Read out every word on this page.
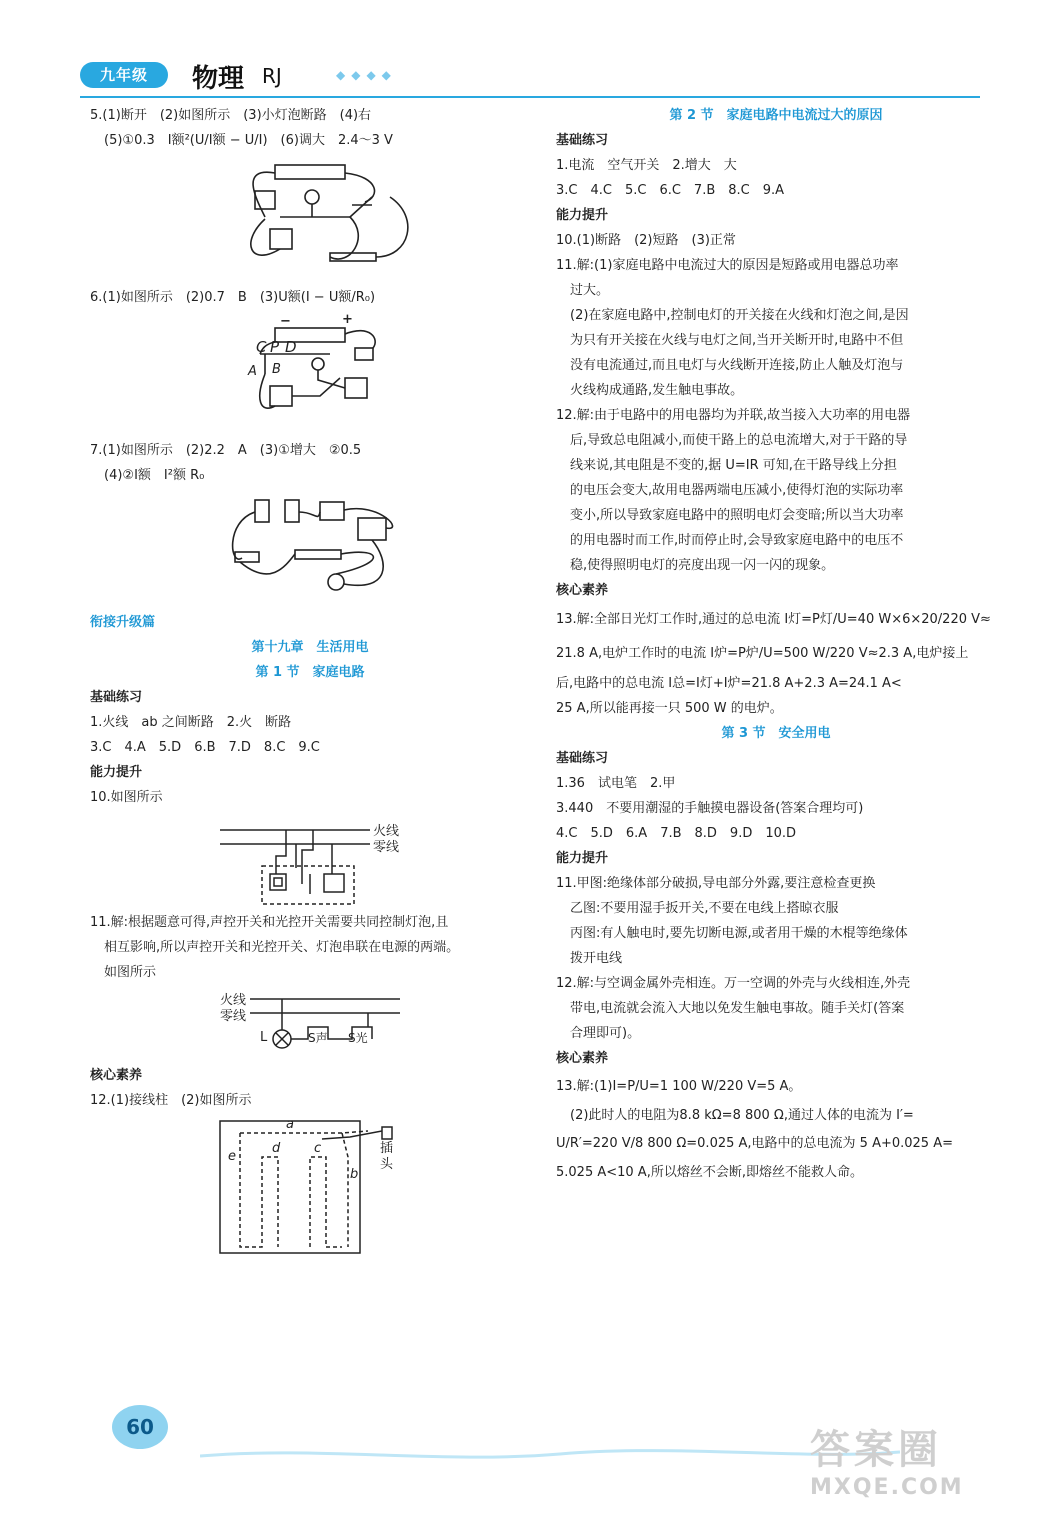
九年级	物理 RJ	◆◆◆◆
5.(1)断开　(2)如图所示　(3)小灯泡断路　(4)右
(5)①0.3　I额²(U/I额 − U/I)　(6)调大　2.4～3 V
6.(1)如图所示　(2)0.7　B　(3)U额(I − U额/R₀)
−	+
C P D
A B
7.(1)如图所示　(2)2.2　A　(3)①增大　②0.5
(4)②I额　I²额 R₀
衔接升级篇
第十九章　生活用电
第 1 节　家庭电路
基础练习
1.火线　ab 之间断路　2.火　断路
3.C　4.A　5.D　6.B　7.D　8.C　9.C
能力提升
10.如图所示
火线
零线
11.解:根据题意可得,声控开关和光控开关需要共同控制灯泡,且
相互影响,所以声控开关和光控开关、灯泡串联在电源的两端。
如图所示
火线
零线
L	S声 S光
核心素养
12.(1)接线柱　(2)如图所示
a
b
c
d
e
插头
第 2 节　家庭电路中电流过大的原因
基础练习
1.电流　空气开关　2.增大　大
3.C　4.C　5.C　6.C　7.B　8.C　9.A
能力提升
10.(1)断路　(2)短路　(3)正常
11.解:(1)家庭电路中电流过大的原因是短路或用电器总功率
过大。
(2)在家庭电路中,控制电灯的开关接在火线和灯泡之间,是因
为只有开关接在火线与电灯之间,当开关断开时,电路中不但
没有电流通过,而且电灯与火线断开连接,防止人触及灯泡与
火线构成通路,发生触电事故。
12.解:由于电路中的用电器均为并联,故当接入大功率的用电器
后,导致总电阻减小,而使干路上的总电流增大,对于干路的导
线来说,其电阻是不变的,据 U=IR 可知,在干路导线上分担
的电压会变大,故用电器两端电压减小,使得灯泡的实际功率
变小,所以导致家庭电路中的照明电灯会变暗;所以当大功率
的用电器时而工作,时而停止时,会导致家庭电路中的电压不
稳,使得照明电灯的亮度出现一闪一闪的现象。
核心素养
13.解:全部日光灯工作时,通过的总电流 I灯=P灯/U=40 W×6×20/220 V≈
21.8 A,电炉工作时的电流 I炉=P炉/U=500 W/220 V≈2.3 A,电炉接上
后,电路中的总电流 I总=I灯+I炉=21.8 A+2.3 A=24.1 A<
25 A,所以能再接一只 500 W 的电炉。
第 3 节　安全用电
基础练习
1.36　试电笔　2.甲
3.440　不要用潮湿的手触摸电器设备(答案合理均可)
4.C　5.D　6.A　7.B　8.D　9.D　10.D
能力提升
11.甲图:绝缘体部分破损,导电部分外露,要注意检查更换
乙图:不要用湿手扳开关,不要在电线上搭晾衣服
丙图:有人触电时,要先切断电源,或者用干燥的木棍等绝缘体
拨开电线
12.解:与空调金属外壳相连。万一空调的外壳与火线相连,外壳
带电,电流就会流入大地以免发生触电事故。随手关灯(答案
合理即可)。
核心素养
13.解:(1)I=P/U=1 100 W/220 V=5 A。
(2)此时人的电阻为8.8 kΩ=8 800 Ω,通过人体的电流为 I′=
U/R′=220 V/8 800 Ω=0.025 A,电路中的总电流为 5 A+0.025 A=
5.025 A<10 A,所以熔丝不会断,即熔丝不能救人命。
60	答案圈
MXQE.COM
